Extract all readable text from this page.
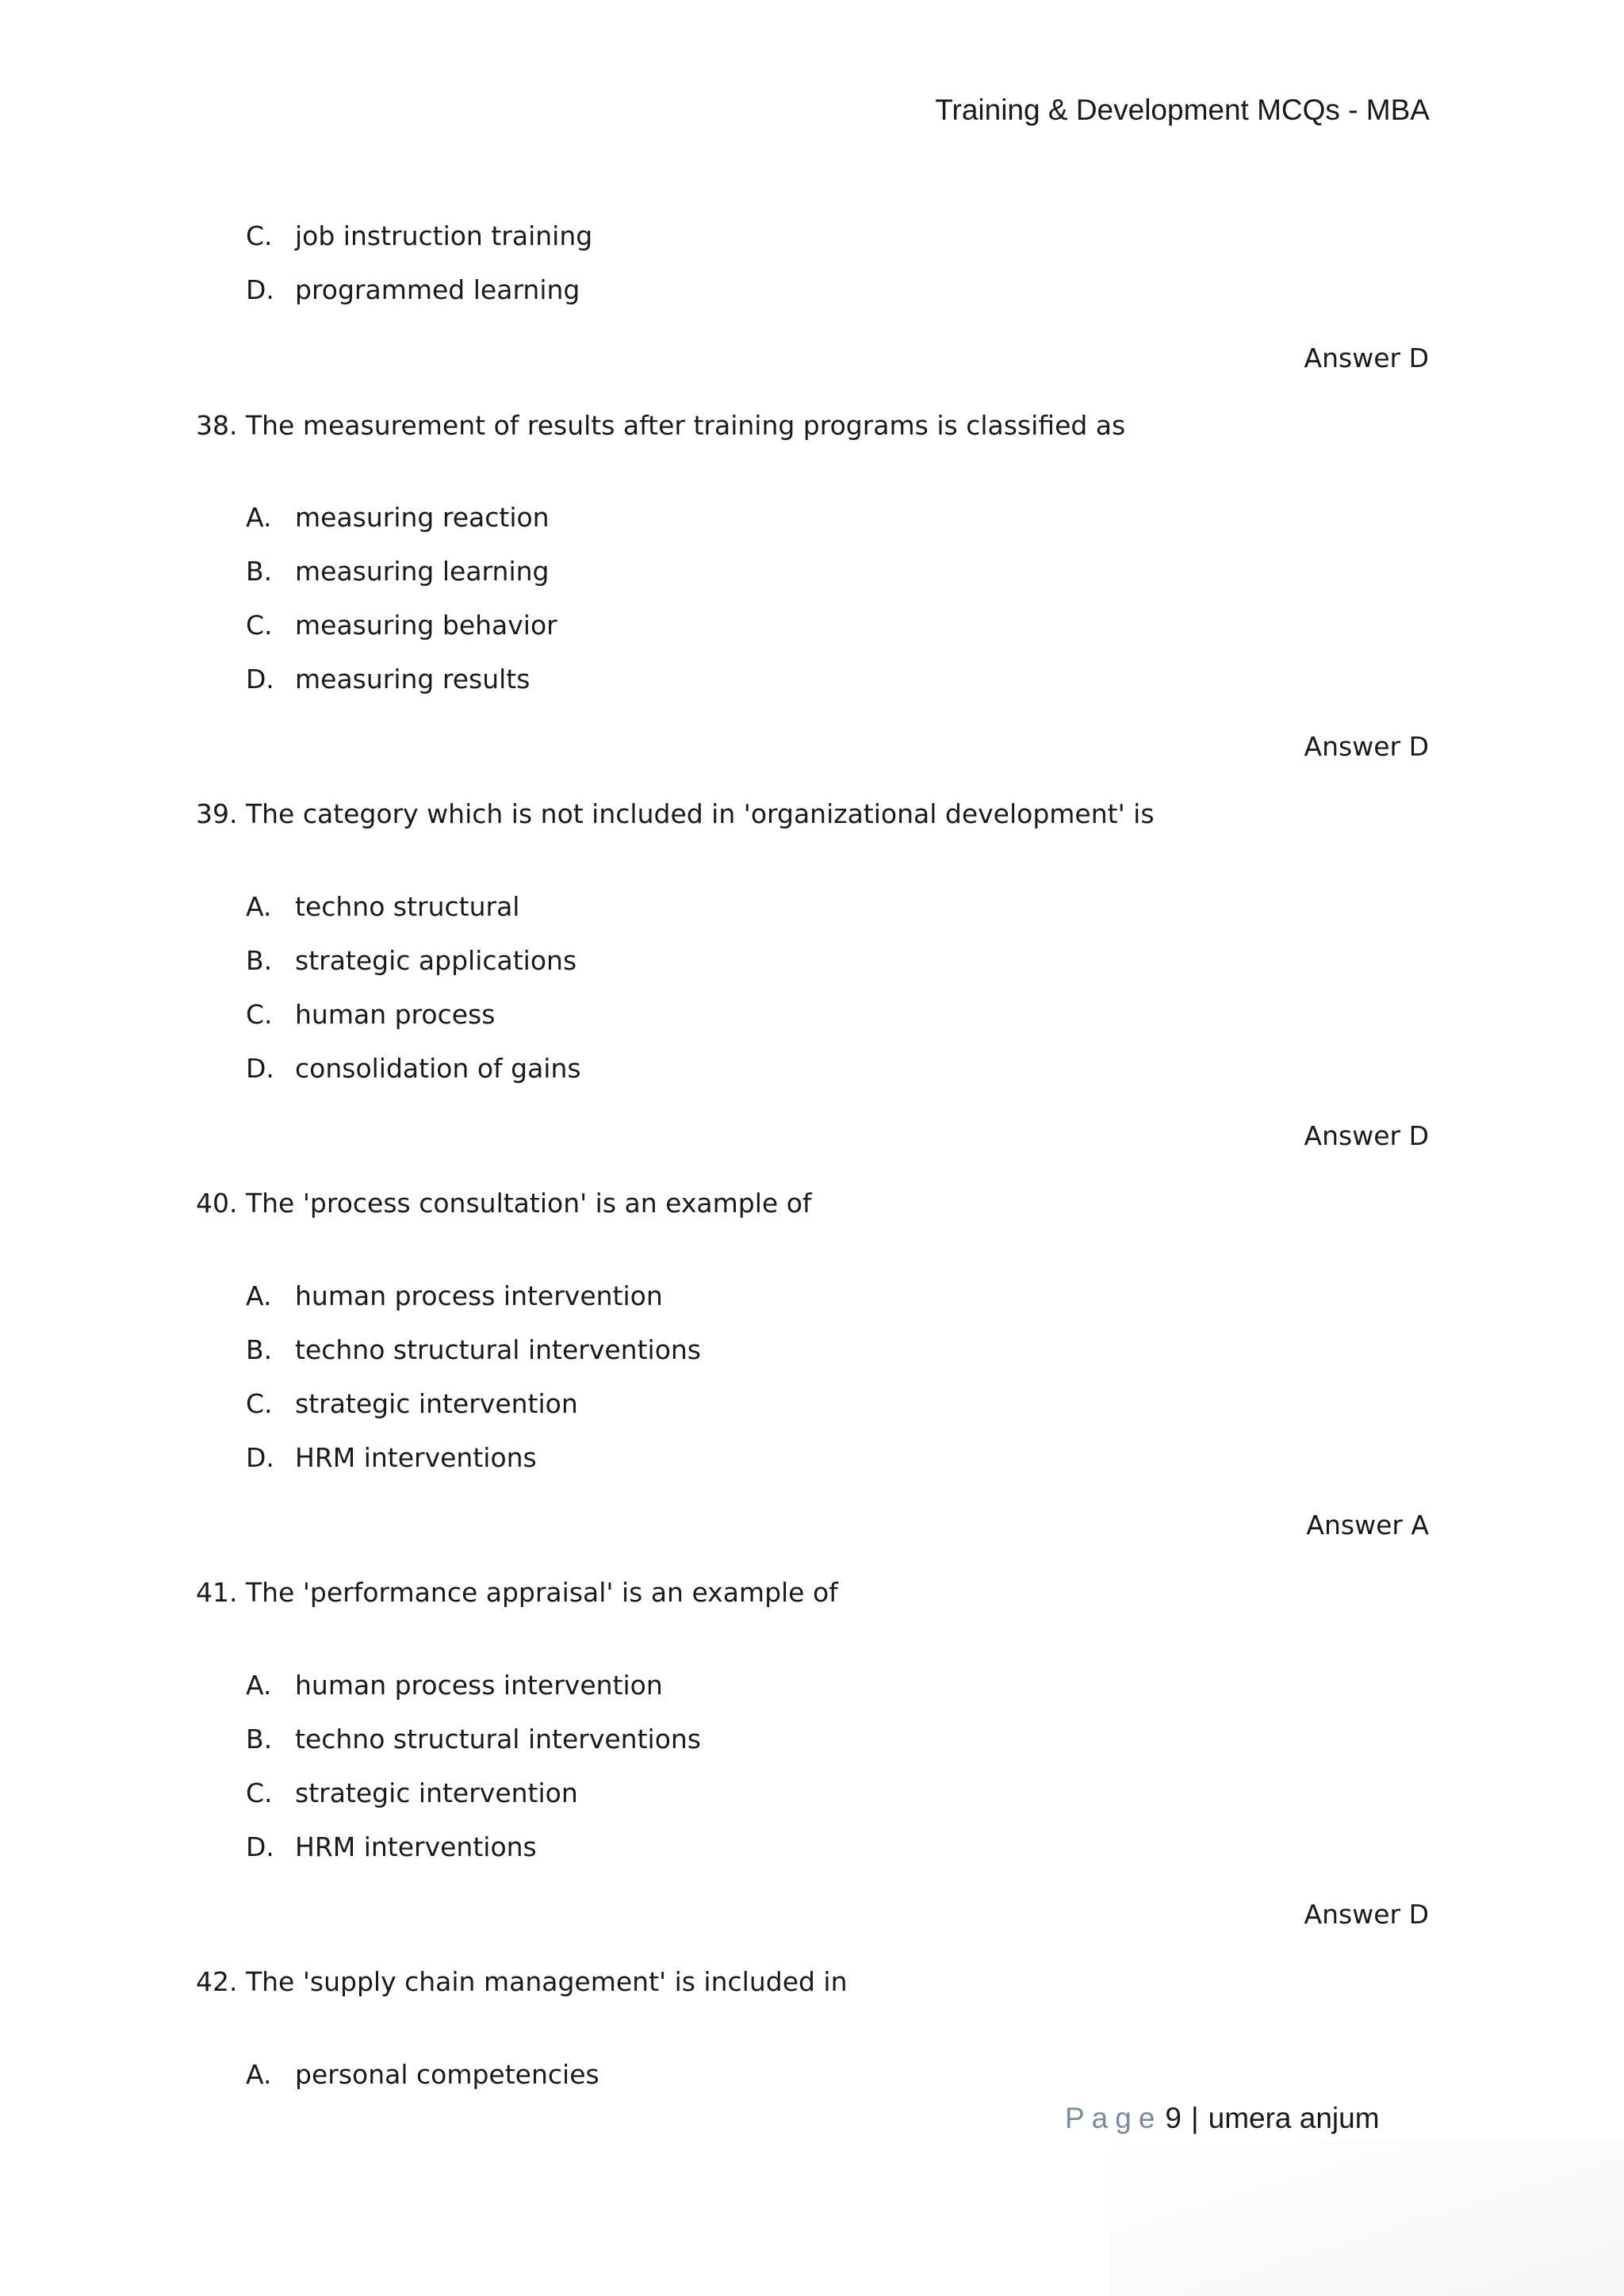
Training & Development MCQs - MBA
C. job instruction training
D. programmed learning
Answer D
38. The measurement of results after training programs is classified as
A. measuring reaction
B. measuring learning
C. measuring behavior
D. measuring results
Answer D
39. The category which is not included in 'organizational development' is
A. techno structural
B. strategic applications
C. human process
D. consolidation of gains
Answer D
40. The 'process consultation' is an example of
A. human process intervention
B. techno structural interventions
C. strategic intervention
D. HRM interventions
Answer A
41. The 'performance appraisal' is an example of
A. human process intervention
B. techno structural interventions
C. strategic intervention
D. HRM interventions
Answer D
42. The 'supply chain management' is included in
A. personal competencies
Page 9 | umera anjum
